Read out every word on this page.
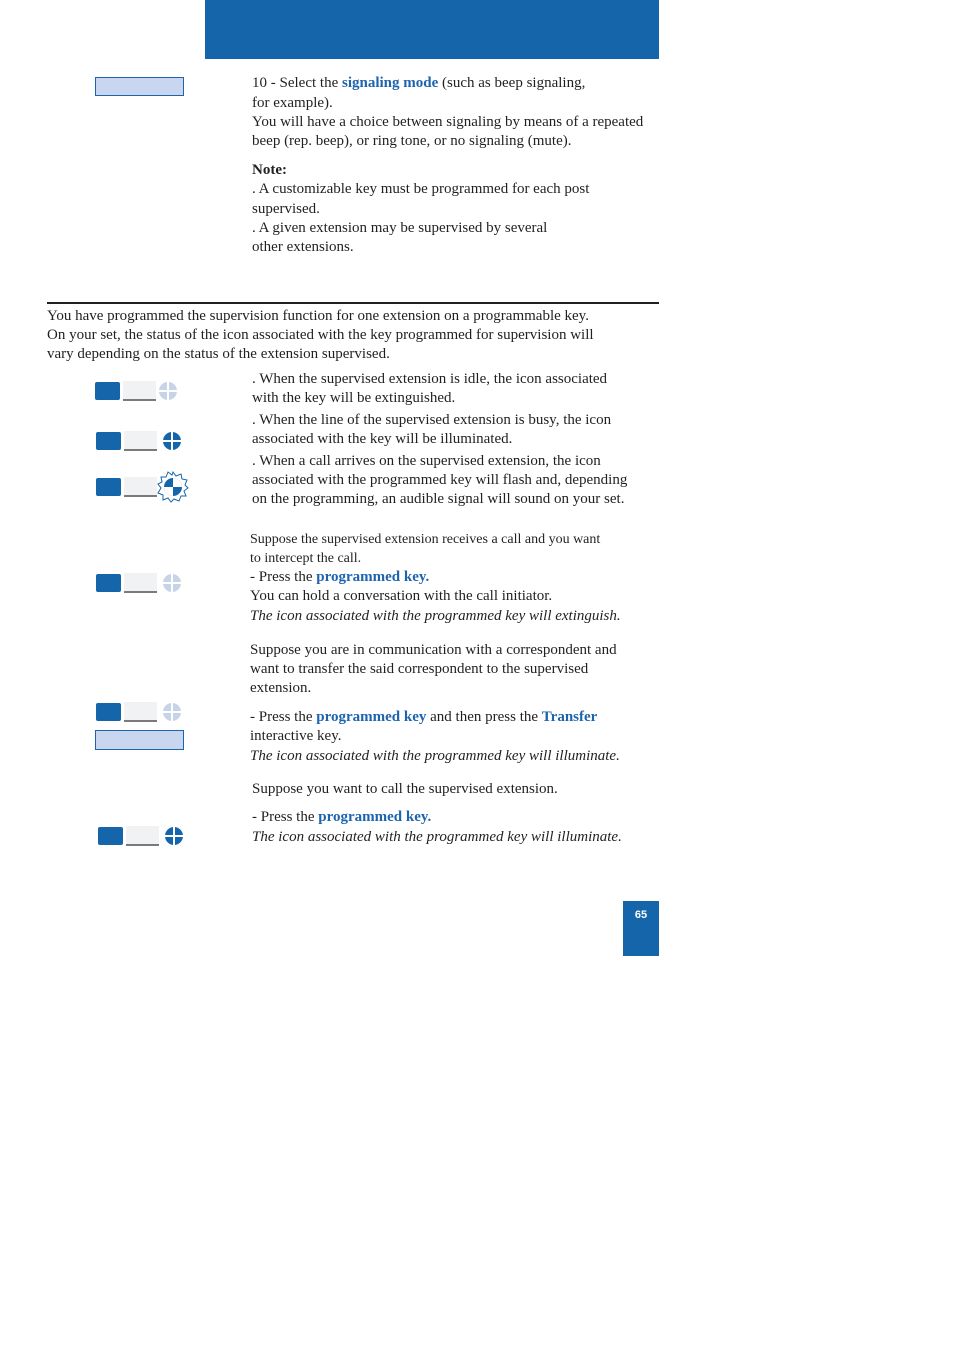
10 - Select the signaling mode (such as beep signaling,
for example).
You will have a choice between signaling by means of a repeated
beep (rep. beep), or ring tone, or no signaling (mute).
Note:
. A customizable key must be programmed for each post
supervised.
. A given extension may be supervised by several
other extensions.
You have programmed the supervision function for one extension on a programmable key.
On your set, the status of the icon associated with the key programmed for supervision will
vary depending on the status of the extension supervised.
. When the supervised extension is idle, the icon associated
with the key will be extinguished.
. When the line of the supervised extension is busy, the icon
associated with the key will be illuminated.
. When a call arrives on the supervised extension, the icon
associated with the programmed key will flash and, depending
on the programming, an audible signal will sound on your set.
Suppose the supervised extension receives a call and you want
to intercept the call.
- Press the programmed key.
You can hold a conversation with the call initiator.
The icon associated with the programmed key will extinguish.
Suppose you are in communication with a correspondent and
want to transfer the said correspondent to the supervised
extension.
- Press the programmed key and then press the Transfer
interactive key.
The icon associated with the programmed key will illuminate.
Suppose you want to call the supervised extension.
- Press the programmed key.
The icon associated with the programmed key will illuminate.
65
